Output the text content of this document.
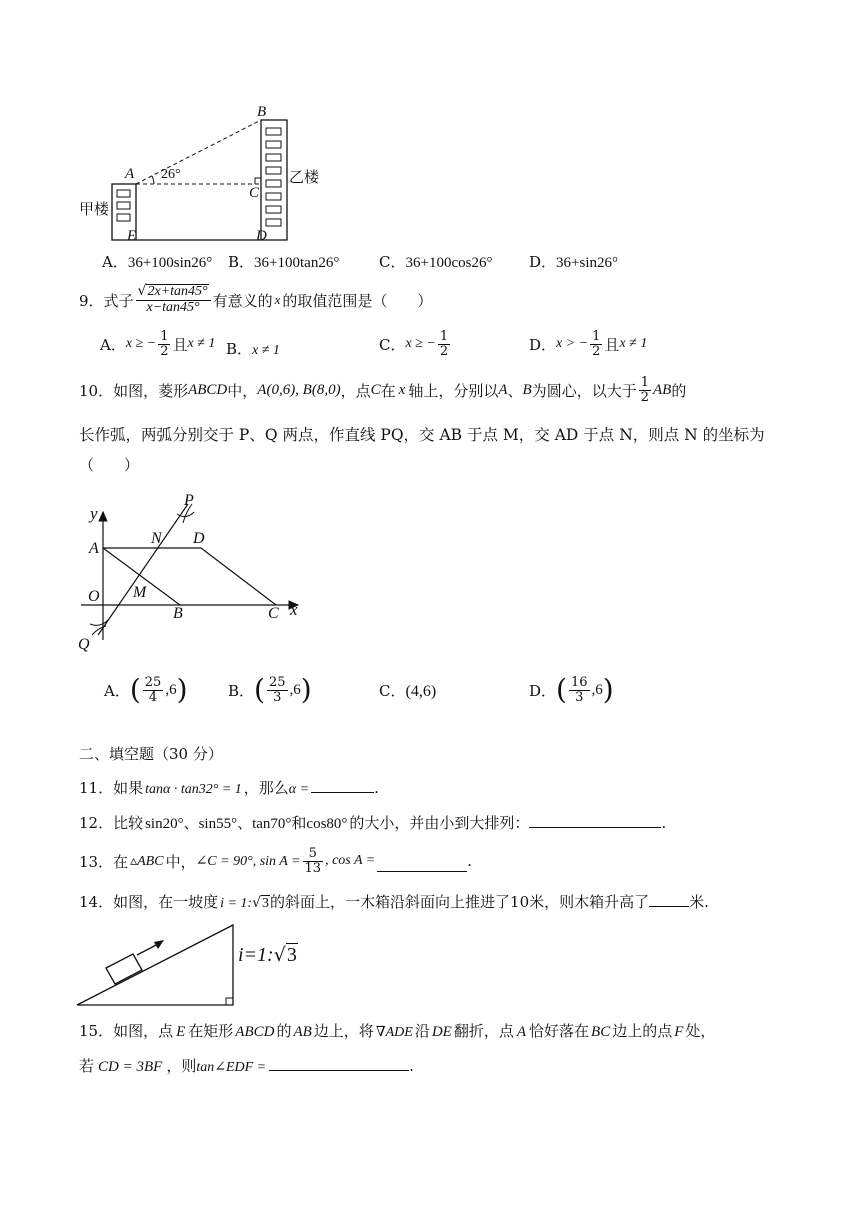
B
A 26°
C
乙楼
甲楼
E	D
A．36+100sin26° B．36+100tan26°	C．36+100cos26° D．36+sin26°
9．式子 $\frac{√2x+\tan 45^\circ}{x-\tan 45^\circ}$ 有意义的 x 的取值范围是（　　）
A． x ≥ − $\frac{1}{2}$ 且 x ≠ 1 B．x ≠ 1	C． x ≥ − $\frac{1}{2}$	D． x > − $\frac{1}{2}$ 且 x ≠ 1
10．如图，菱形 ABCD 中， A(0,6), B(8,0) ，点 C 在 x 轴上，分别以 A 、 B 为圆心，以大于 $\frac{1}{2}$ AB 的
长作弧，两弧分别交于 P、Q 两点，作直线 PQ，交 AB 于点 M，交 AD 于点 N，则点 N 的坐标为
（　　）
y
P
N D
A
M
O
B	C x
Q
A． ( $\frac{25}{4} ,6$ )	B． ( $\frac{25}{3} ,6$ )	C．(4,6)	D． ( $\frac{16}{3} ,6$ )
二、填空题（30 分）
11．如果 tanα · tan32° = 1 ，那么 α =	.
12．比较 sin20°、sin55°、tan70°和cos80° 的大小，并由小到大排列：	.
13．在 ▵ABC 中， ∠C = 90°, $\sin A = \frac{5}{13}$ , cos A =	.
14．如图，在一坡度 i = 1: √ 3 的斜面上，一木箱沿斜面向上推进了 10米 ，则木箱升高了	米.
i=1: √ 3
15．如图，点 E 在矩形 ABCD 的 AB 边上，将 ∇ADE 沿 DE 翻折，点 A 恰好落在 BC 边上的点 F 处，
若 CD = 3BF ，则 tan∠EDF =	.
